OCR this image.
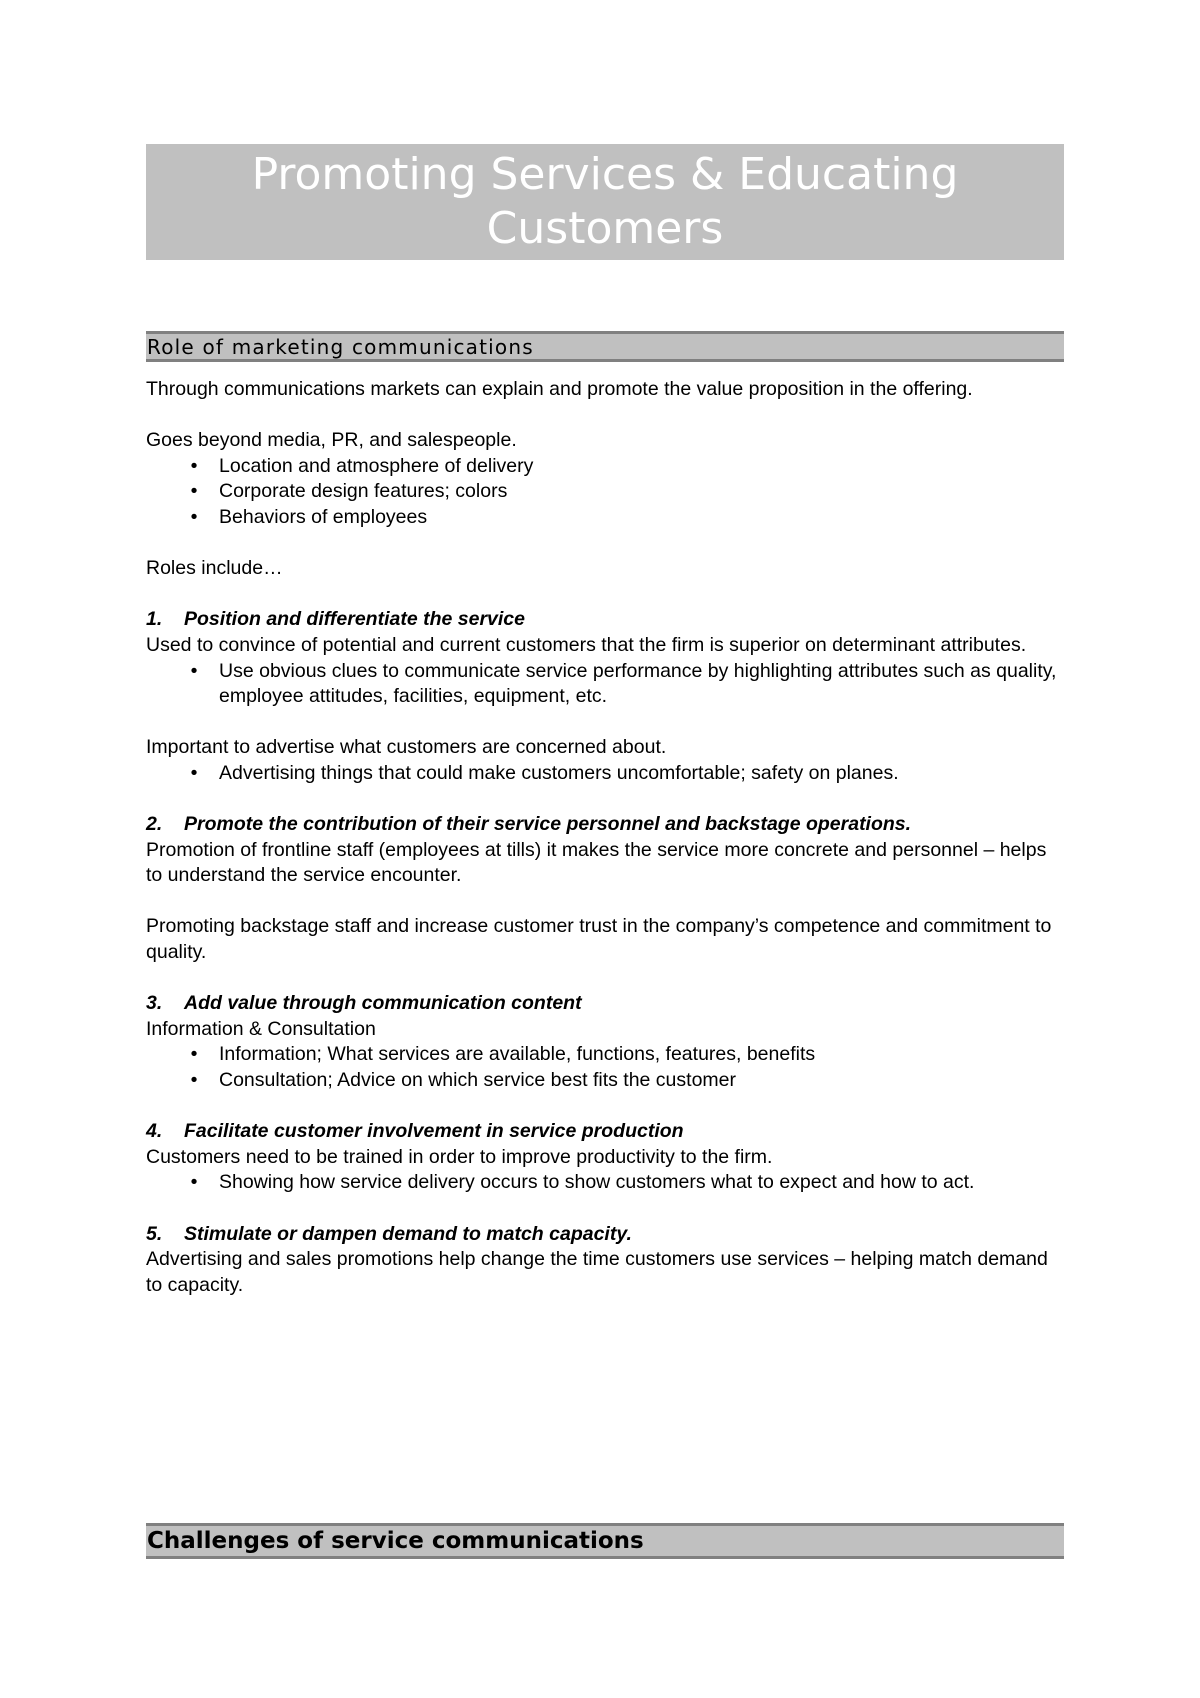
Promoting Services & Educating
Customers
Role of marketing communications

Through communications markets can explain and promote the value proposition in the offering.

Goes beyond media, PR, and salespeople.

•	Location and atmosphere of delivery
•	Corporate design features; colors
•	Behaviors of employees

Roles include…

1.	Position and differentiate the service

Used to convince of potential and current customers that the firm is superior on determinant attributes.

•	Use obvious clues to communicate service performance by highlighting attributes such as quality, employee attitudes, facilities, equipment, etc.

Important to advertise what customers are concerned about.

•	Advertising things that could make customers uncomfortable; safety on planes.
2.	Promote the contribution of their service personnel and backstage operations.

Promotion of frontline staff (employees at tills) it makes the service more concrete and personnel – helps to understand the service encounter.

Promoting backstage staff and increase customer trust in the company’s competence and commitment to quality.

3.	Add value through communication content

Information & Consultation

•	Information; What services are available, functions, features, benefits
•	Consultation; Advice on which service best fits the customer
4.	Facilitate customer involvement in service production

Customers need to be trained in order to improve productivity to the firm.

•	Showing how service delivery occurs to show customers what to expect and how to act.
5.	Stimulate or dampen demand to match capacity.

Advertising and sales promotions help change the time customers use services – helping match demand to capacity.

Challenges of service communications
